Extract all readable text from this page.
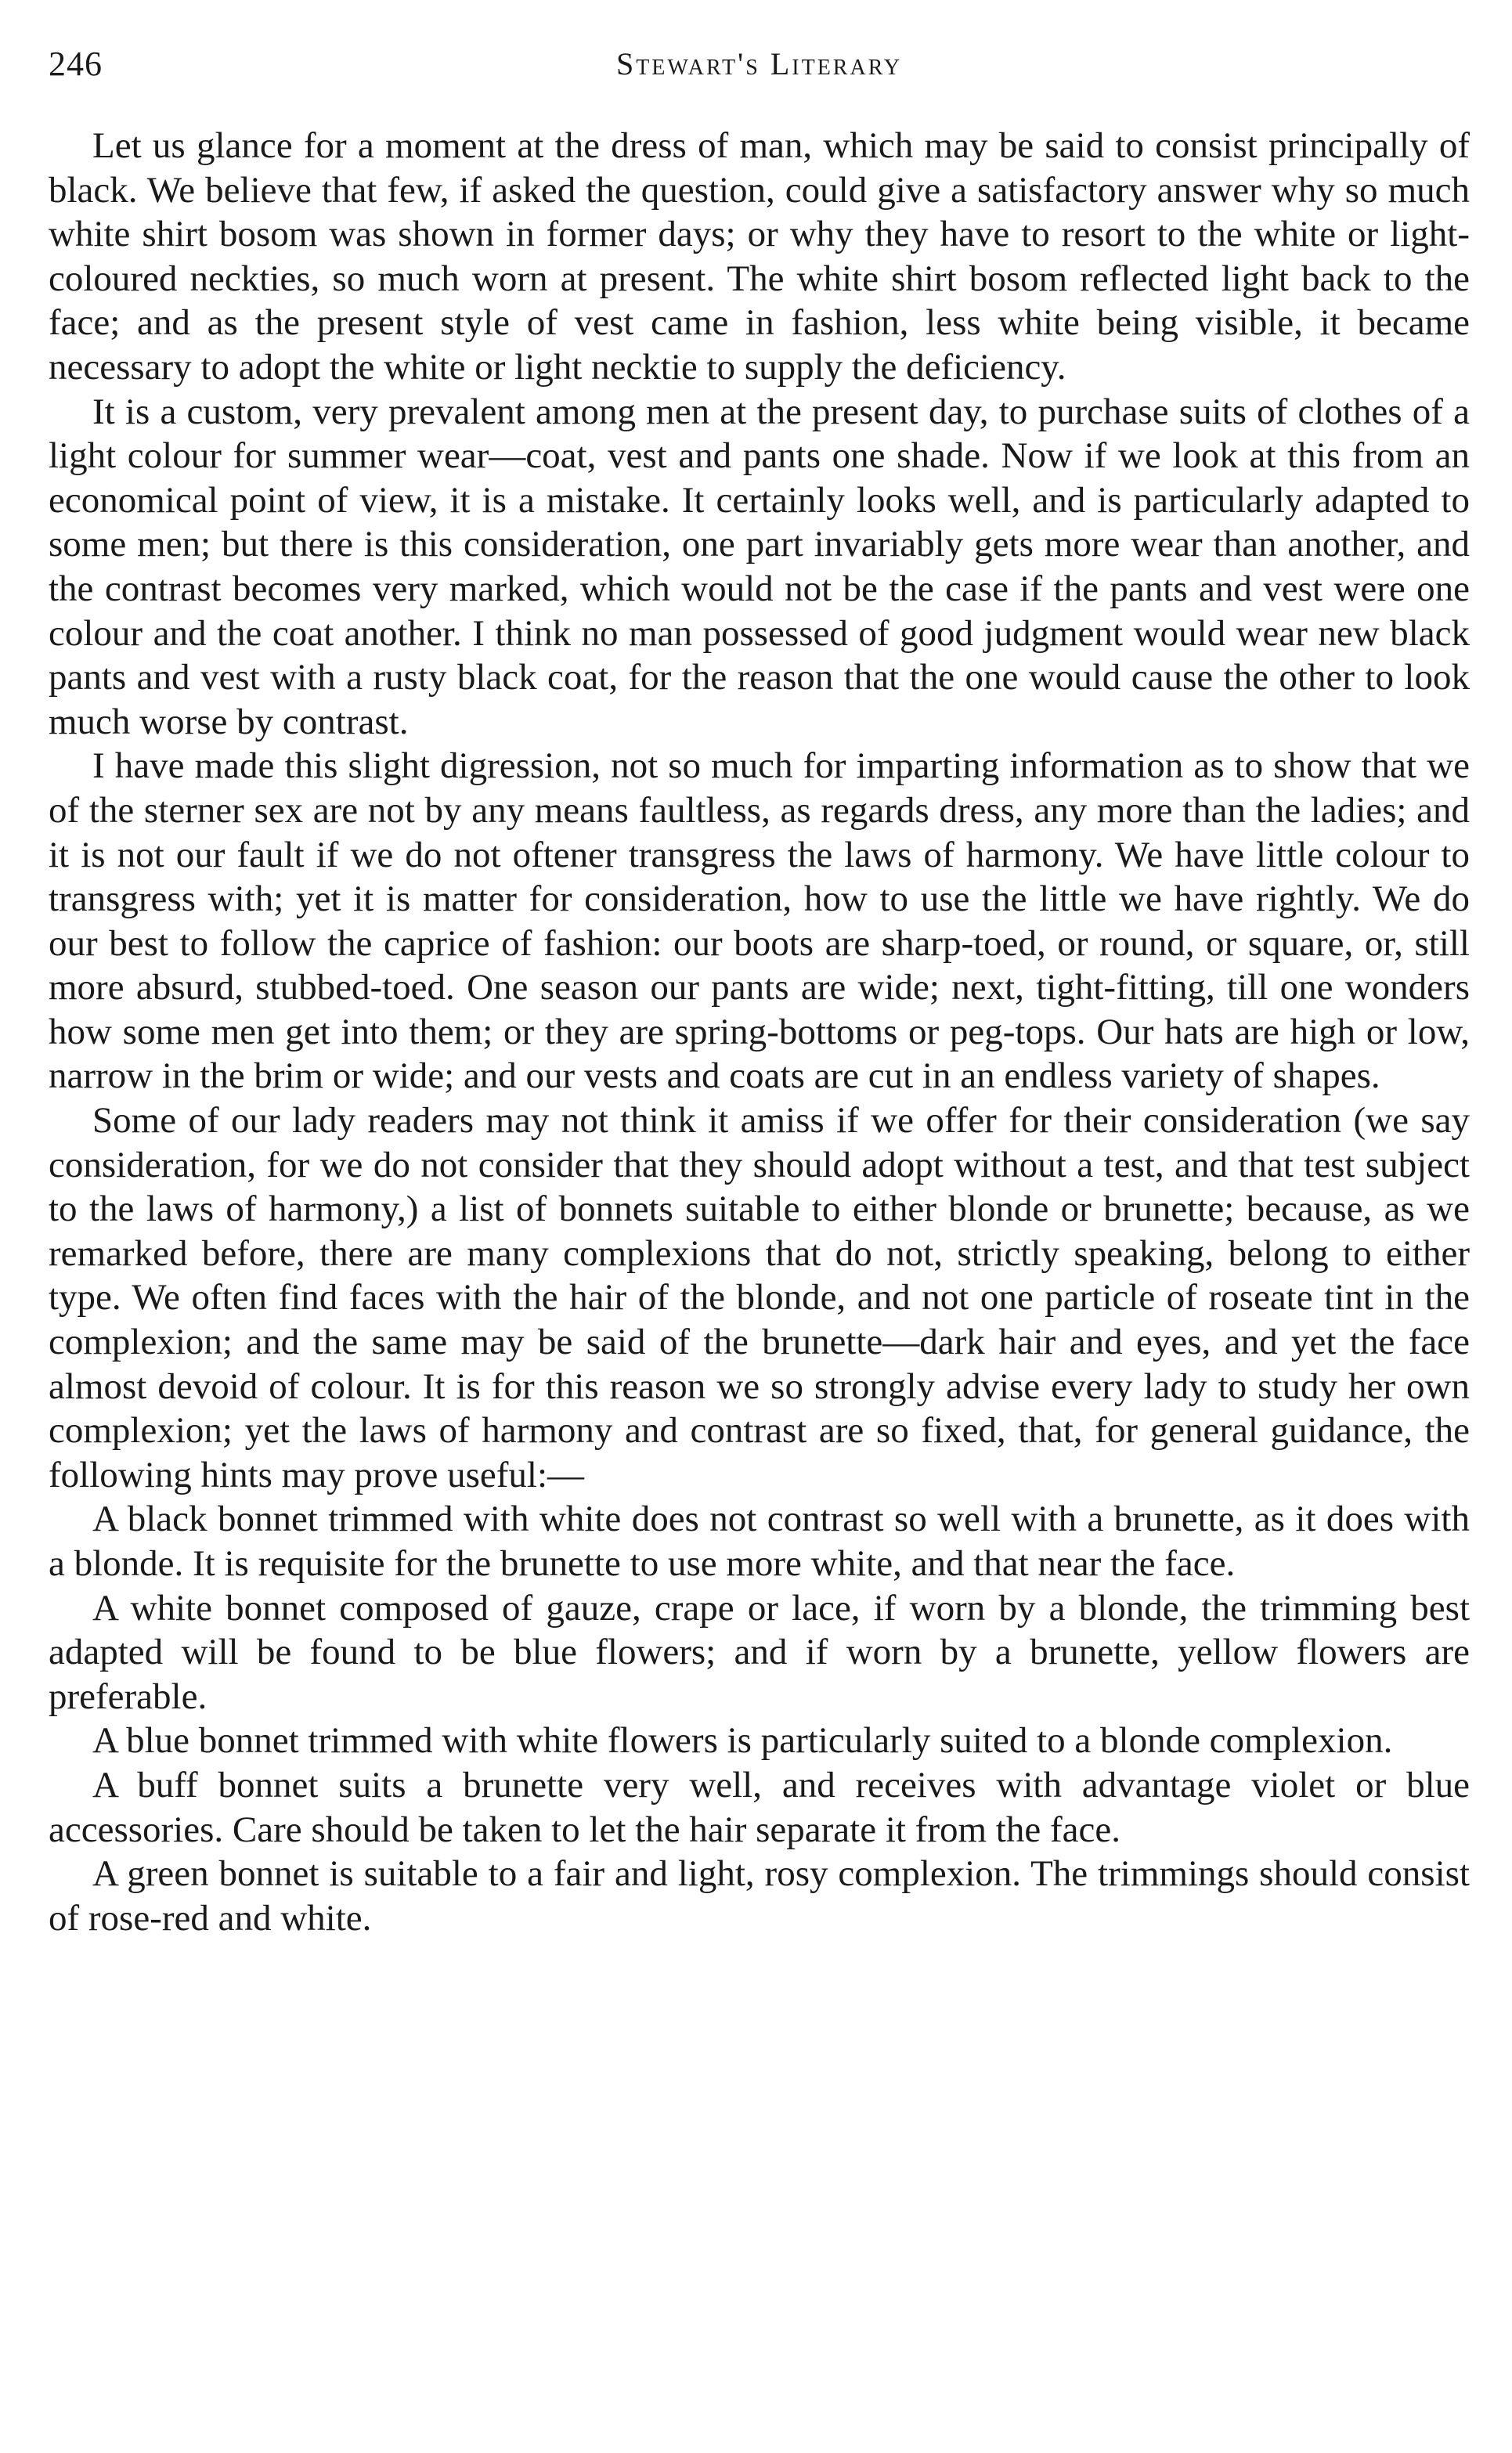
246	Stewart's Literary

Let us glance for a moment at the dress of man, which may be said to consist principally of black. We believe that few, if asked the question, could give a satisfactory answer why so much white shirt bosom was shown in former days; or why they have to resort to the white or light-coloured neckties, so much worn at present. The white shirt bosom reflected light back to the face; and as the present style of vest came in fashion, less white being visible, it became necessary to adopt the white or light necktie to supply the deficiency.

It is a custom, very prevalent among men at the present day, to purchase suits of clothes of a light colour for summer wear—coat, vest and pants one shade. Now if we look at this from an economical point of view, it is a mistake. It certainly looks well, and is particularly adapted to some men; but there is this consideration, one part invariably gets more wear than another, and the contrast becomes very marked, which would not be the case if the pants and vest were one colour and the coat another. I think no man possessed of good judgment would wear new black pants and vest with a rusty black coat, for the reason that the one would cause the other to look much worse by contrast.

I have made this slight digression, not so much for imparting information as to show that we of the sterner sex are not by any means faultless, as regards dress, any more than the ladies; and it is not our fault if we do not oftener transgress the laws of harmony. We have little colour to transgress with; yet it is matter for consideration, how to use the little we have rightly. We do our best to follow the caprice of fashion: our boots are sharp-toed, or round, or square, or, still more absurd, stubbed-toed. One season our pants are wide; next, tight-fitting, till one wonders how some men get into them; or they are spring-bottoms or peg-tops. Our hats are high or low, narrow in the brim or wide; and our vests and coats are cut in an endless variety of shapes.

Some of our lady readers may not think it amiss if we offer for their consideration (we say consideration, for we do not consider that they should adopt without a test, and that test subject to the laws of harmony,) a list of bonnets suitable to either blonde or brunette; because, as we remarked before, there are many complexions that do not, strictly speaking, belong to either type. We often find faces with the hair of the blonde, and not one particle of roseate tint in the complexion; and the same may be said of the brunette—dark hair and eyes, and yet the face almost devoid of colour. It is for this reason we so strongly advise every lady to study her own complexion; yet the laws of harmony and contrast are so fixed, that, for general guidance, the following hints may prove useful:—

A black bonnet trimmed with white does not contrast so well with a brunette, as it does with a blonde. It is requisite for the brunette to use more white, and that near the face.

A white bonnet composed of gauze, crape or lace, if worn by a blonde, the trimming best adapted will be found to be blue flowers; and if worn by a brunette, yellow flowers are preferable.

A blue bonnet trimmed with white flowers is particularly suited to a blonde complexion.

A buff bonnet suits a brunette very well, and receives with advantage violet or blue accessories. Care should be taken to let the hair separate it from the face.

A green bonnet is suitable to a fair and light, rosy complexion. The trimmings should consist of rose-red and white.
